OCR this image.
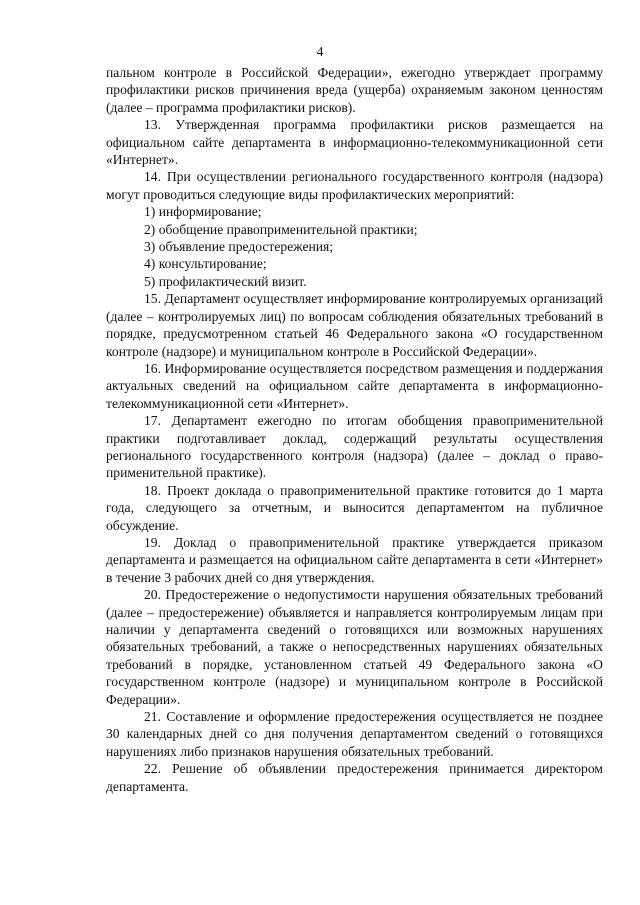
4

пальном контроле в Российской Федерации», ежегодно утверждает программу профилактики рисков причинения вреда (ущерба) охраняемым законом ценностям (далее – программа профилактики рисков).

13. Утвержденная программа профилактики рисков размещается на официальном сайте департамента в информационно-телекоммуникационной сети «Интернет».

14. При осуществлении регионального государственного контроля (надзора) могут проводиться следующие виды профилактических мероприятий:

1) информирование;

2) обобщение правоприменительной практики;

3) объявление предостережения;

4) консультирование;

5) профилактический визит.

15. Департамент осуществляет информирование контролируемых организаций (далее – контролируемых лиц) по вопросам соблюдения обязательных требований в порядке, предусмотренном статьей 46 Федерального закона «О государственном контроле (надзоре) и муниципальном контроле в Российской Федерации».

16. Информирование осуществляется посредством размещения и поддержания актуальных сведений на официальном сайте департамента в информационно-телекоммуникационной сети «Интернет».

17. Департамент ежегодно по итогам обобщения правоприменительной практики подготавливает доклад, содержащий результаты осуществления регионального государственного контроля (надзора) (далее – доклад о правоприменительной практике).

18. Проект доклада о правоприменительной практике готовится до 1 марта года, следующего за отчетным, и выносится департаментом на публичное обсуждение.

19. Доклад о правоприменительной практике утверждается приказом департамента и размещается на официальном сайте департамента в сети «Интернет» в течение 3 рабочих дней со дня утверждения.

20. Предостережение о недопустимости нарушения обязательных требований (далее – предостережение) объявляется и направляется контролируемым лицам при наличии у департамента сведений о готовящихся или возможных нарушениях обязательных требований, а также о непосредственных нарушениях обязательных требований в порядке, установленном статьей 49 Федерального закона «О государственном контроле (надзоре) и муниципальном контроле в Российской Федерации».

21. Составление и оформление предостережения осуществляется не позднее 30 календарных дней со дня получения департаментом сведений о готовящихся нарушениях либо признаков нарушения обязательных требований.

22. Решение об объявлении предостережения принимается директором департамента.
